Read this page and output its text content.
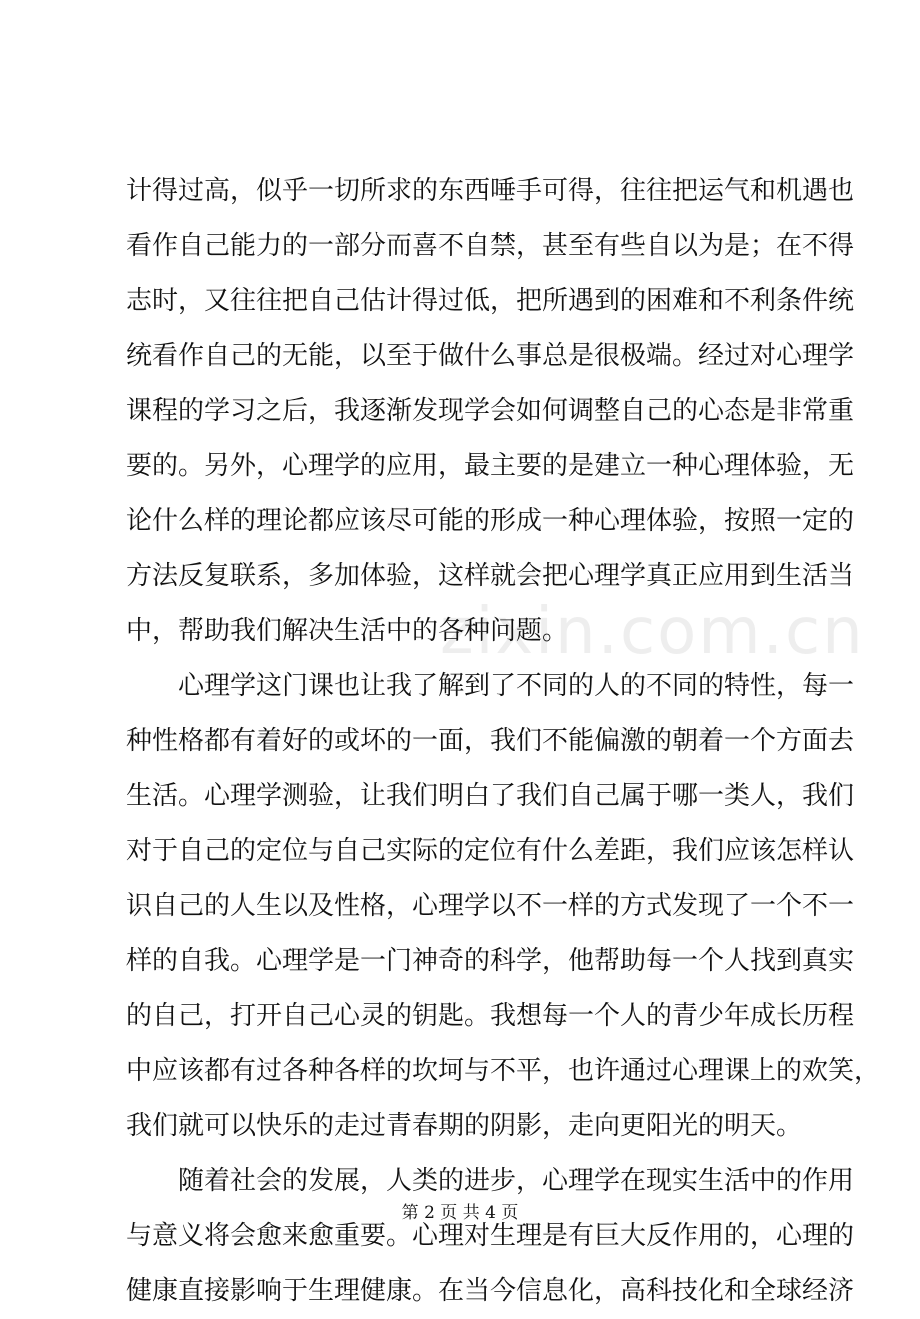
zixin.com.cn
计得过高，似乎一切所求的东西唾手可得，往往把运气和机遇也
看作自己能力的一部分而喜不自禁，甚至有些自以为是；在不得
志时，又往往把自己估计得过低，把所遇到的困难和不利条件统
统看作自己的无能，以至于做什么事总是很极端。经过对心理学
课程的学习之后，我逐渐发现学会如何调整自己的心态是非常重
要的。另外，心理学的应用，最主要的是建立一种心理体验，无
论什么样的理论都应该尽可能的形成一种心理体验，按照一定的
方法反复联系，多加体验，这样就会把心理学真正应用到生活当
中，帮助我们解决生活中的各种问题。
心理学这门课也让我了解到了不同的人的不同的特性，每一
种性格都有着好的或坏的一面，我们不能偏激的朝着一个方面去
生活。心理学测验，让我们明白了我们自己属于哪一类人，我们
对于自己的定位与自己实际的定位有什么差距，我们应该怎样认
识自己的人生以及性格，心理学以不一样的方式发现了一个不一
样的自我。心理学是一门神奇的科学，他帮助每一个人找到真实
的自己，打开自己心灵的钥匙。我想每一个人的青少年成长历程
中应该都有过各种各样的坎坷与不平，也许通过心理课上的欢笑，
我们就可以快乐的走过青春期的阴影，走向更阳光的明天。
随着社会的发展，人类的进步，心理学在现实生活中的作用
与意义将会愈来愈重要。心理对生理是有巨大反作用的，心理的
健康直接影响于生理健康。在当今信息化，高科技化和全球经济
第 2 页 共 4 页
